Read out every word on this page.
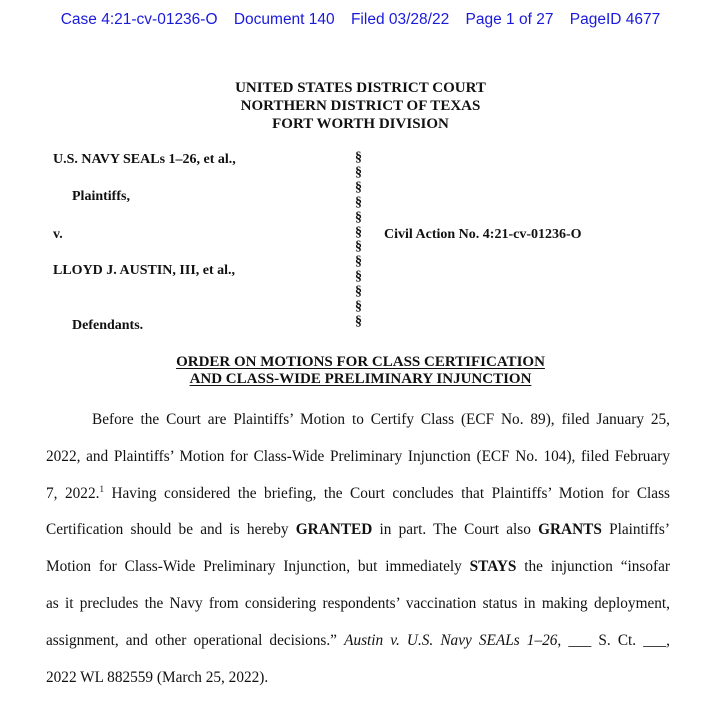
Case 4:21-cv-01236-O Document 140 Filed 03/28/22 Page 1 of 27 PageID 4677
UNITED STATES DISTRICT COURT
NORTHERN DISTRICT OF TEXAS
FORT WORTH DIVISION
U.S. NAVY SEALs 1–26, et al.,
Plaintiffs,
v.
LLOYD J. AUSTIN, III, et al.,
Defendants.
Civil Action No. 4:21-cv-01236-O
§
§
§
§
§
§
§
§
§
§
§
§
ORDER ON MOTIONS FOR CLASS CERTIFICATION
AND CLASS-WIDE PRELIMINARY INJUNCTION
Before the Court are Plaintiffs’ Motion to Certify Class (ECF No. 89), filed January 25,
2022, and Plaintiffs’ Motion for Class-Wide Preliminary Injunction (ECF No. 104), filed February
7, 2022.$^1$ Having considered the briefing, the Court concludes that Plaintiffs’ Motion for Class
Certification should be and is hereby GRANTED in part. The Court also GRANTS Plaintiffs’
Motion for Class-Wide Preliminary Injunction, but immediately STAYS the injunction “insofar
as it precludes the Navy from considering respondents’ vaccination status in making deployment,
assignment, and other operational decisions.” Austin v. U.S. Navy SEALs 1–26, ___ S. Ct. ___,
2022 WL 882559 (March 25, 2022).
